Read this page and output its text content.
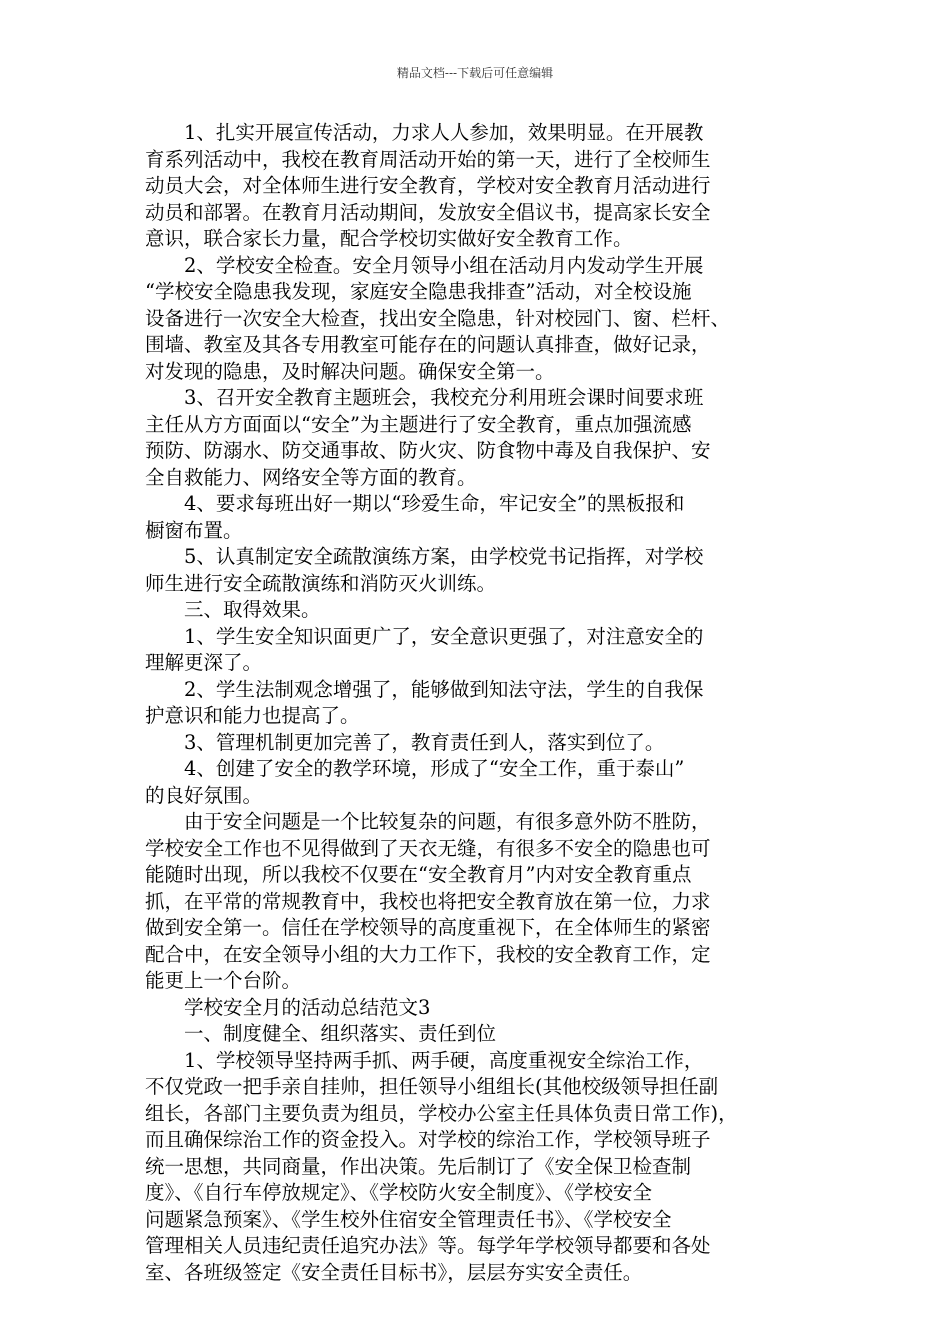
精品文档---下载后可任意编辑

　　1、扎实开展宣传活动，力求人人参加，效果明显。在开展教

育系列活动中，我校在教育周活动开始的第一天，进行了全校师生

动员大会，对全体师生进行安全教育，学校对安全教育月活动进行

动员和部署。在教育月活动期间，发放安全倡议书，提高家长安全

意识，联合家长力量，配合学校切实做好安全教育工作。

　　2、学校安全检查。安全月领导小组在活动月内发动学生开展

“学校安全隐患我发现，家庭安全隐患我排查”活动，对全校设施

设备进行一次安全大检查，找出安全隐患，针对校园门、窗、栏杆、

围墙、教室及其各专用教室可能存在的问题认真排查，做好记录，

对发现的隐患，及时解决问题。确保安全第一。

　　3、召开安全教育主题班会，我校充分利用班会课时间要求班

主任从方方面面以“安全”为主题进行了安全教育，重点加强流感

预防、防溺水、防交通事故、防火灾、防食物中毒及自我保护、安

全自救能力、网络安全等方面的教育。

　　4、要求每班出好一期以“珍爱生命，牢记安全”的黑板报和

橱窗布置。

　　5、认真制定安全疏散演练方案，由学校党书记指挥，对学校

师生进行安全疏散演练和消防灭火训练。

　　三、取得效果。

　　1、学生安全知识面更广了，安全意识更强了，对注意安全的

理解更深了。

　　2、学生法制观念增强了，能够做到知法守法，学生的自我保

护意识和能力也提高了。

　　3、管理机制更加完善了，教育责任到人，落实到位了。

　　4、创建了安全的教学环境，形成了“安全工作，重于泰山”

的良好氛围。

　　由于安全问题是一个比较复杂的问题，有很多意外防不胜防，

学校安全工作也不见得做到了天衣无缝，有很多不安全的隐患也可

能随时出现，所以我校不仅要在“安全教育月”内对安全教育重点

抓，在平常的常规教育中，我校也将把安全教育放在第一位，力求

做到安全第一。信任在学校领导的高度重视下，在全体师生的紧密

配合中，在安全领导小组的大力工作下，我校的安全教育工作，定

能更上一个台阶。

　　学校安全月的活动总结范文3

　　一、制度健全、组织落实、责任到位

　　1、学校领导坚持两手抓、两手硬，高度重视安全综治工作，

不仅党政一把手亲自挂帅，担任领导小组组长(其他校级领导担任副

组长，各部门主要负责为组员，学校办公室主任具体负责日常工作)，

而且确保综治工作的资金投入。对学校的综治工作，学校领导班子

统一思想，共同商量，作出决策。先后制订了《安全保卫检查制

度》、《自行车停放规定》、《学校防火安全制度》、《学校安全

问题紧急预案》、《学生校外住宿安全管理责任书》、《学校安全

管理相关人员违纪责任追究办法》等。每学年学校领导都要和各处

室、各班级签定《安全责任目标书》，层层夯实安全责任。
